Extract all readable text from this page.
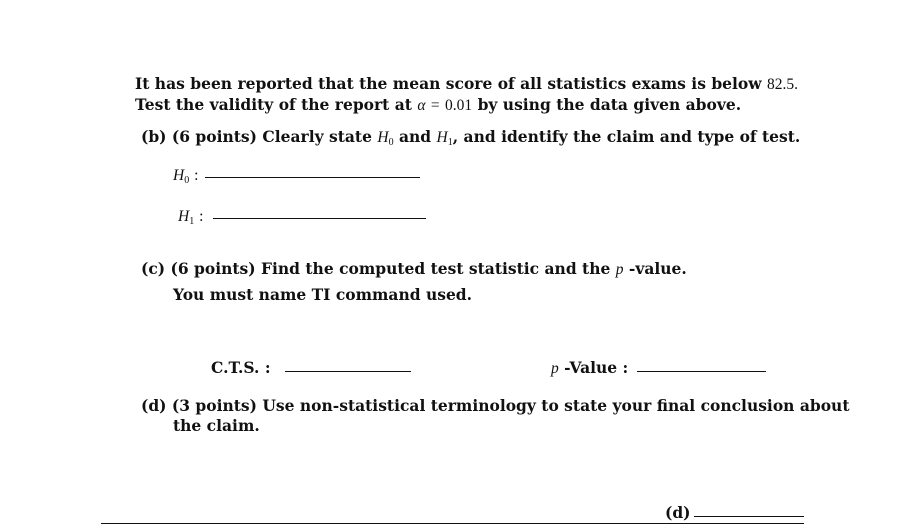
It has been reported that the mean score of all statistics exams is below 82.5.
Test the validity of the report at α = 0.01 by using the data given above.
(b) (6 points) Clearly state $H_0$ and $H_1$, and identify the claim and type of test.
$H_0$ :
$H_1$ :
(c) (6 points) Find the computed test statistic and the p -value.
You must name TI command used.
C.T.S. :	p -Value :
(d) (3 points) Use non-statistical terminology to state your final conclusion about
the claim.
(d)
